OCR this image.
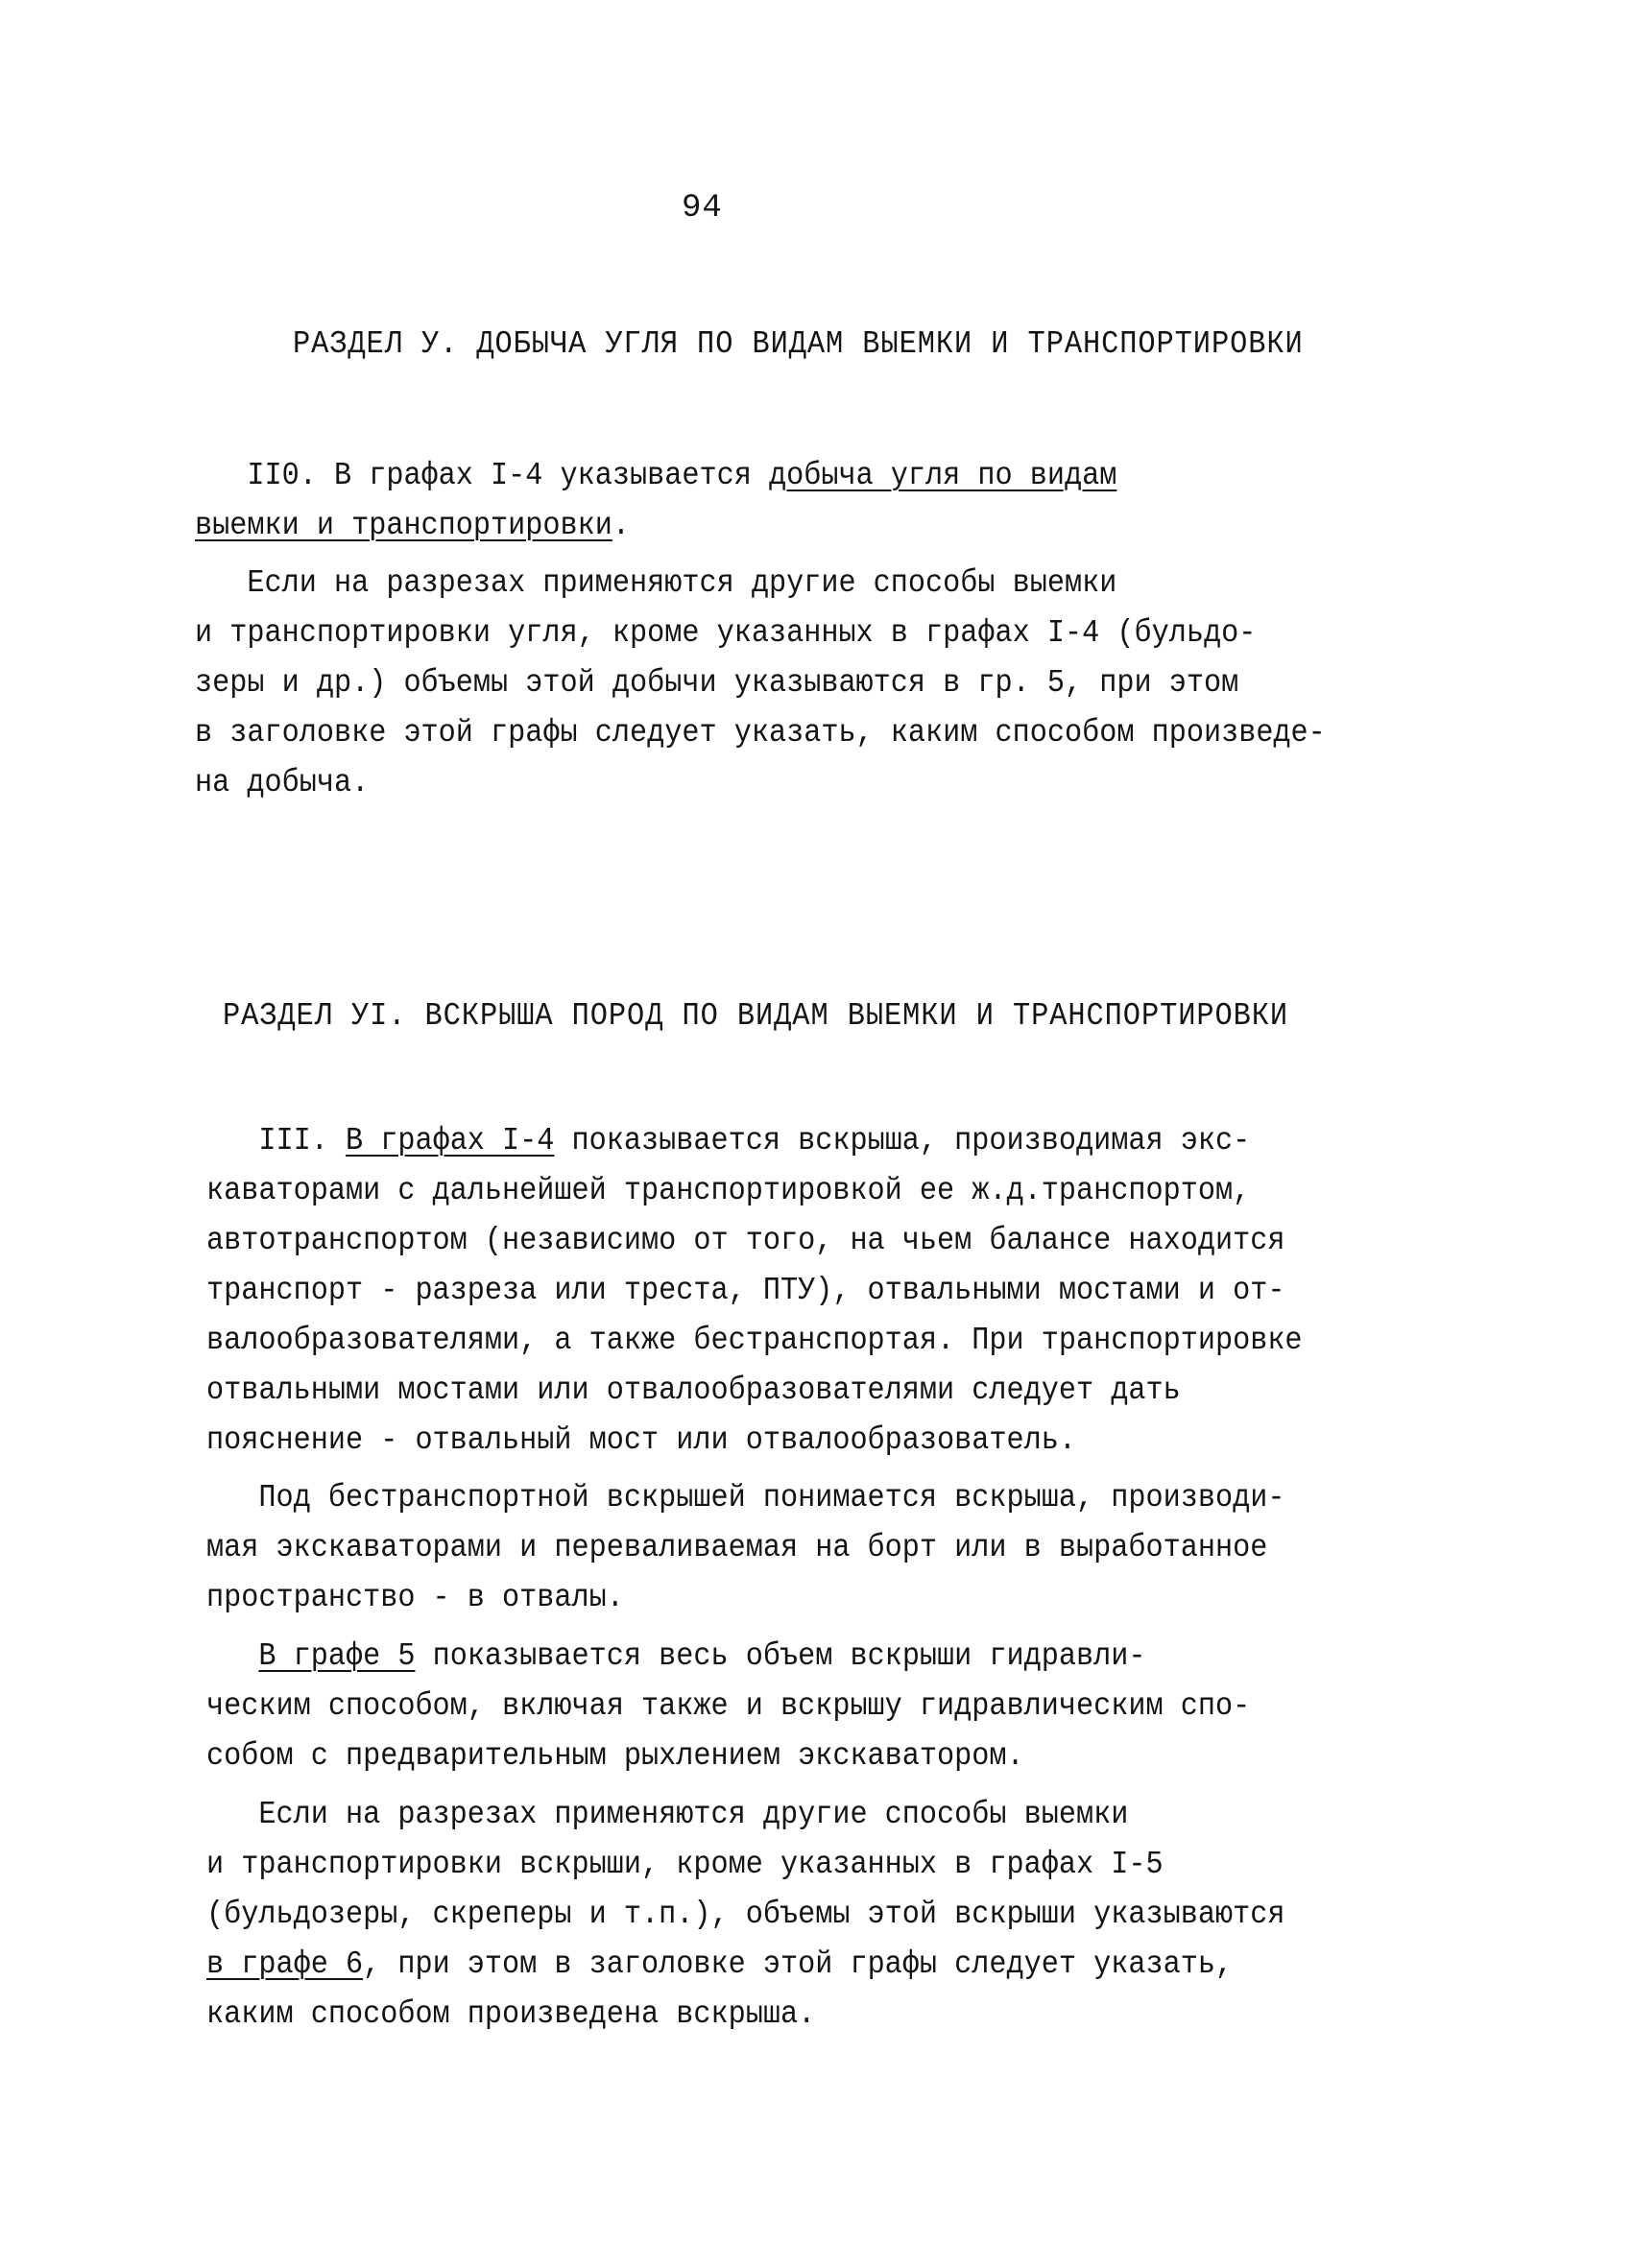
94
РАЗДЕЛ У. ДОБЫЧА УГЛЯ ПО ВИДАМ ВЫЕМКИ И ТРАНСПОРТИРОВКИ

II0. В графах I-4 указывается добыча угля по видам

выемки и транспортировки.

Если на разрезах применяются другие способы выемки
и транспортировки угля, кроме указанных в графах I-4 (бульдо-
зеры и др.) объемы этой добычи указываются в гр. 5, при этом
в заголовке этой графы следует указать, каким способом произведе-
на добыча.

РАЗДЕЛ УI. ВСКРЫША ПОРОД ПО ВИДАМ ВЫЕМКИ И ТРАНСПОРТИРОВКИ

III. В графах I-4 показывается вскрыша, производимая экс-
каваторами с дальнейшей транспортировкой ее ж.д.транспортом,
автотранспортом (независимо от того, на чьем балансе находится
транспорт - разреза или треста, ПТУ), отвальными мостами и от-
валообразователями, а также бестранспортая. При транспортировке
отвальными мостами или отвалообразователями следует дать
пояснение - отвальный мост или отвалообразователь.

Под бестранспортной вскрышей понимается вскрыша, производи-
мая экскаваторами и переваливаемая на борт или в выработанное
пространство - в отвалы.

В графе 5 показывается весь объем вскрыши гидравли-
ческим способом, включая также и вскрышу гидравлическим спо-
собом с предварительным рыхлением экскаватором.

Если на разрезах применяются другие способы выемки
и транспортировки вскрыши, кроме указанных в графах I-5
(бульдозеры, скреперы и т.п.), объемы этой вскрыши указываются
в графе 6, при этом в заголовке этой графы следует указать,
каким способом произведена вскрыша.
